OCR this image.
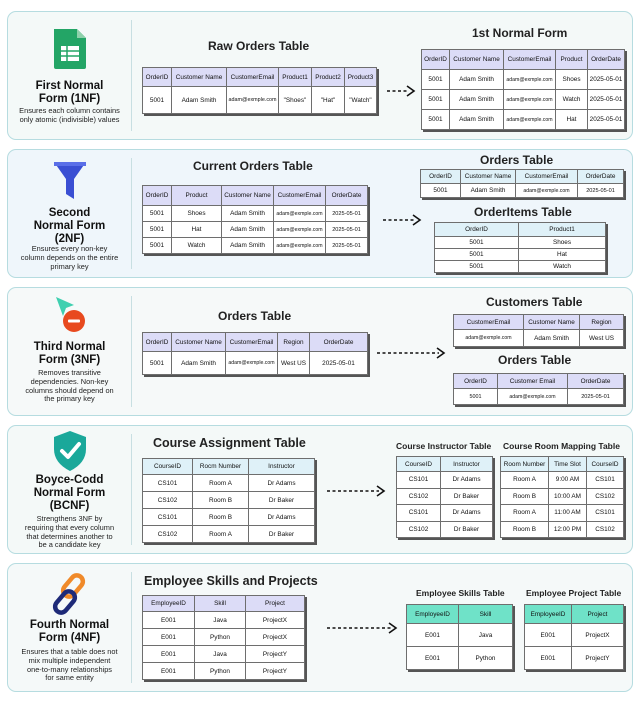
First Normal
Form (1NF)
Ensures each column contains
only atomic (indivisible) values
Raw Orders Table
OrderID	Customer Name	CustomerEmail	Product1	Product2	Product3
5001	Adam Smith	adam@exmple.com	"Shoes"	"Hat"	"Watch"
1st Normal Form
OrderID	Customer Name	CustomerEmail	Product	OrderDate
5001	Adam Smith	adam@exmple.com	Shoes	2025-05-01
5001	Adam Smith	adam@exmple.com	Watch	2025-05-01
5001	Adam Smith	adam@exmple.com	Hat	2025-05-01
Second
Normal Form
(2NF)
Ensures every non-key
column depends on the entire
primary key
Current Orders Table
OrderID	Product	Customer Name	CustomerEmail	OrderDate
5001	Shoes	Adam Smith	adam@exmple.com	2025-05-01
5001	Hat	Adam Smith	adam@exmple.com	2025-05-01
5001	Watch	Adam Smith	adam@exmple.com	2025-05-01
Orders Table
OrderID	Customer Name	CustomerEmail	OrderDate
5001	Adam Smith	adam@exmple.com	2025-05-01
OrderItems Table
OrderID	Product1
5001	Shoes
5001	Hat
5001	Watch
Third Normal
Form (3NF)
Removes transitive
dependencies. Non-key
columns should depend on
the primary key
Orders Table
OrderID	Customer Name	CustomerEmail	Region	OrderDate
5001	Adam Smith	adam@exmple.com	West US	2025-05-01
Customers Table
CustomerEmail	Customer Name	Region
adam@exmple.com	Adam Smith	West US
Orders Table
OrderID	Customer Email	OrderDate
5001	adam@exmple.com	2025-05-01
Boyce-Codd
Normal Form
(BCNF)
Strengthens 3NF by
requiring that every column
that determines another to
be a candidate key
Course Assignment Table
CourseID	Rocm Number	Instructor
CS101	Room A	Dr Adams
CS102	Room B	Dr Baker
CS101	Room B	Dr Adams
CS102	Room A	Dr Baker
Course Instructor Table
CourseID	Instructor
CS101	Dr Adams
CS102	Dr Baker
CS101	Dr Adams
CS102	Dr Baker
Course Room Mapping Table
Room Number	Time Slot	CourseID
Room A	9:00 AM	CS101
Room B	10:00 AM	CS102
Room A	11:00 AM	CS101
Room B	12:00 PM	CS102
Fourth Normal
Form (4NF)
Ensures that a table does not
mix multiple independent
one-to-many relationships
for same entity
Employee Skills and Projects
EmployeeID	Skill	Project
E001	Java	ProjectX
E001	Python	ProjectX
E001	Java	ProjectY
E001	Python	ProjectY
Employee Skills Table
EmployeeID	Skill
E001	Java
E001	Python
Employee Project Table
EmployeeID	Project
E001	ProjectX
E001	ProjectY
